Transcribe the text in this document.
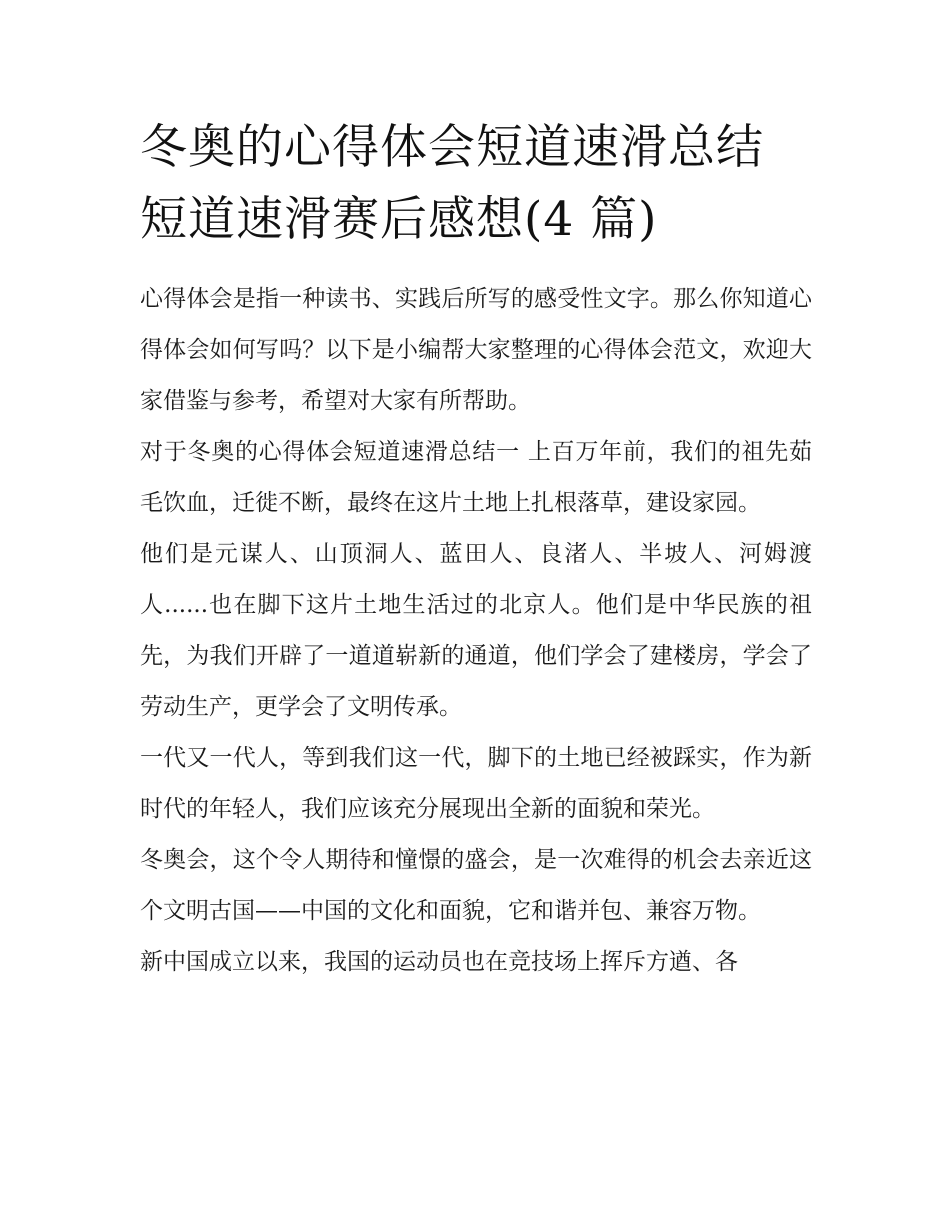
冬奥的心得体会短道速滑总结
短道速滑赛后感想(4 篇)

心得体会是指一种读书、实践后所写的感受性文字。那么你知道心得体会如何写吗？以下是小编帮大家整理的心得体会范文，欢迎大家借鉴与参考，希望对大家有所帮助。

对于冬奥的心得体会短道速滑总结一 上百万年前，我们的祖先茹毛饮血，迁徙不断，最终在这片土地上扎根落草，建设家园。

他们是元谋人、山顶洞人、蓝田人、良渚人、半坡人、河姆渡人......也在脚下这片土地生活过的北京人。他们是中华民族的祖先，为我们开辟了一道道崭新的通道，他们学会了建楼房，学会了劳动生产，更学会了文明传承。

一代又一代人，等到我们这一代，脚下的土地已经被踩实，作为新时代的年轻人，我们应该充分展现出全新的面貌和荣光。

冬奥会，这个令人期待和憧憬的盛会，是一次难得的机会去亲近这个文明古国——中国的文化和面貌，它和谐并包、兼容万物。

新中国成立以来，我国的运动员也在竞技场上挥斥方遒、各
